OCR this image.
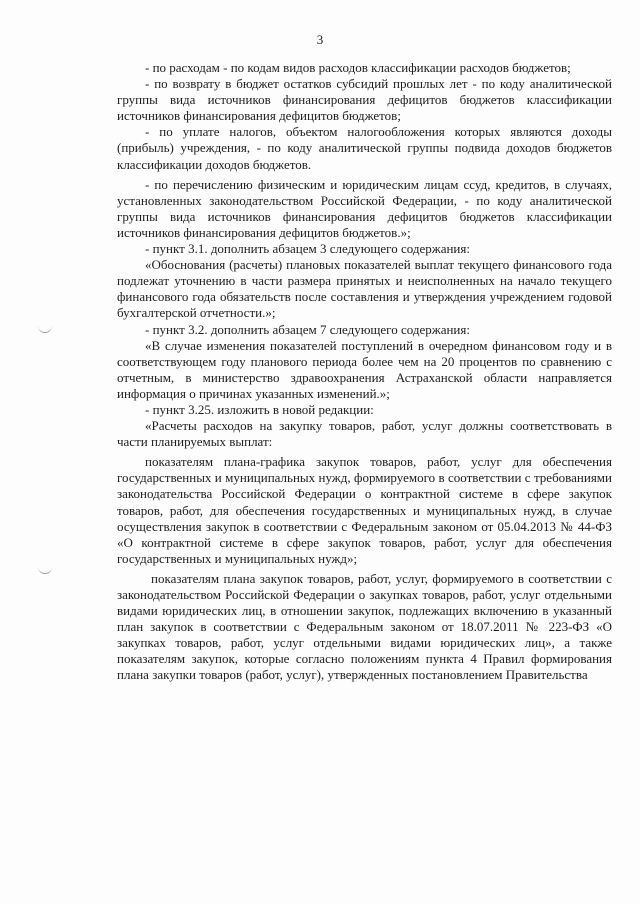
3

- по расходам - по кодам видов расходов классификации расходов бюджетов;

- по возврату в бюджет остатков субсидий прошлых лет - по коду аналитической группы вида источников финансирования дефицитов бюджетов классификации источников финансирования дефицитов бюджетов;

- по уплате налогов, объектом налогообложения которых являются доходы (прибыль) учреждения, - по коду аналитической группы подвида доходов бюджетов классификации доходов бюджетов.

- по перечислению физическим и юридическим лицам ссуд, кредитов, в случаях, установленных законодательством Российской Федерации, - по коду аналитической группы вида источников финансирования дефицитов бюджетов классификации источников финансирования дефицитов бюджетов.»;

- пункт 3.1. дополнить абзацем 3 следующего содержания:

«Обоснования (расчеты) плановых показателей выплат текущего финансового года подлежат уточнению в части размера принятых и неисполненных на начало текущего финансового года обязательств после составления и утверждения учреждением годовой бухгалтерской отчетности.»;

- пункт 3.2. дополнить абзацем 7 следующего содержания:

«В случае изменения показателей поступлений в очередном финансовом году и в соответствующем году планового периода более чем на 20 процентов по сравнению с отчетным, в министерство здравоохранения Астраханской области направляется информация о причинах указанных изменений.»;

- пункт 3.25. изложить в новой редакции:

«Расчеты расходов на закупку товаров, работ, услуг должны соответствовать в части планируемых выплат:

показателям плана-графика закупок товаров, работ, услуг для обеспечения государственных и муниципальных нужд, формируемого в соответствии с требованиями законодательства Российской Федерации о контрактной системе в сфере закупок товаров, работ, для обеспечения государственных и муниципальных нужд, в случае осуществления закупок в соответствии с Федеральным законом от 05.04.2013 № 44-ФЗ «О контрактной системе в сфере закупок товаров, работ, услуг для обеспечения государственных и муниципальных нужд»;

показателям плана закупок товаров, работ, услуг, формируемого в соответствии с законодательством Российской Федерации о закупках товаров, работ, услуг отдельными видами юридических лиц, в отношении закупок, подлежащих включению в указанный план закупок в соответствии с Федеральным законом от 18.07.2011 № 223-ФЗ «О закупках товаров, работ, услуг отдельными видами юридических лиц», а также показателям закупок, которые согласно положениям пункта 4 Правил формирования плана закупки товаров (работ, услуг), утвержденных постановлением Правительства
